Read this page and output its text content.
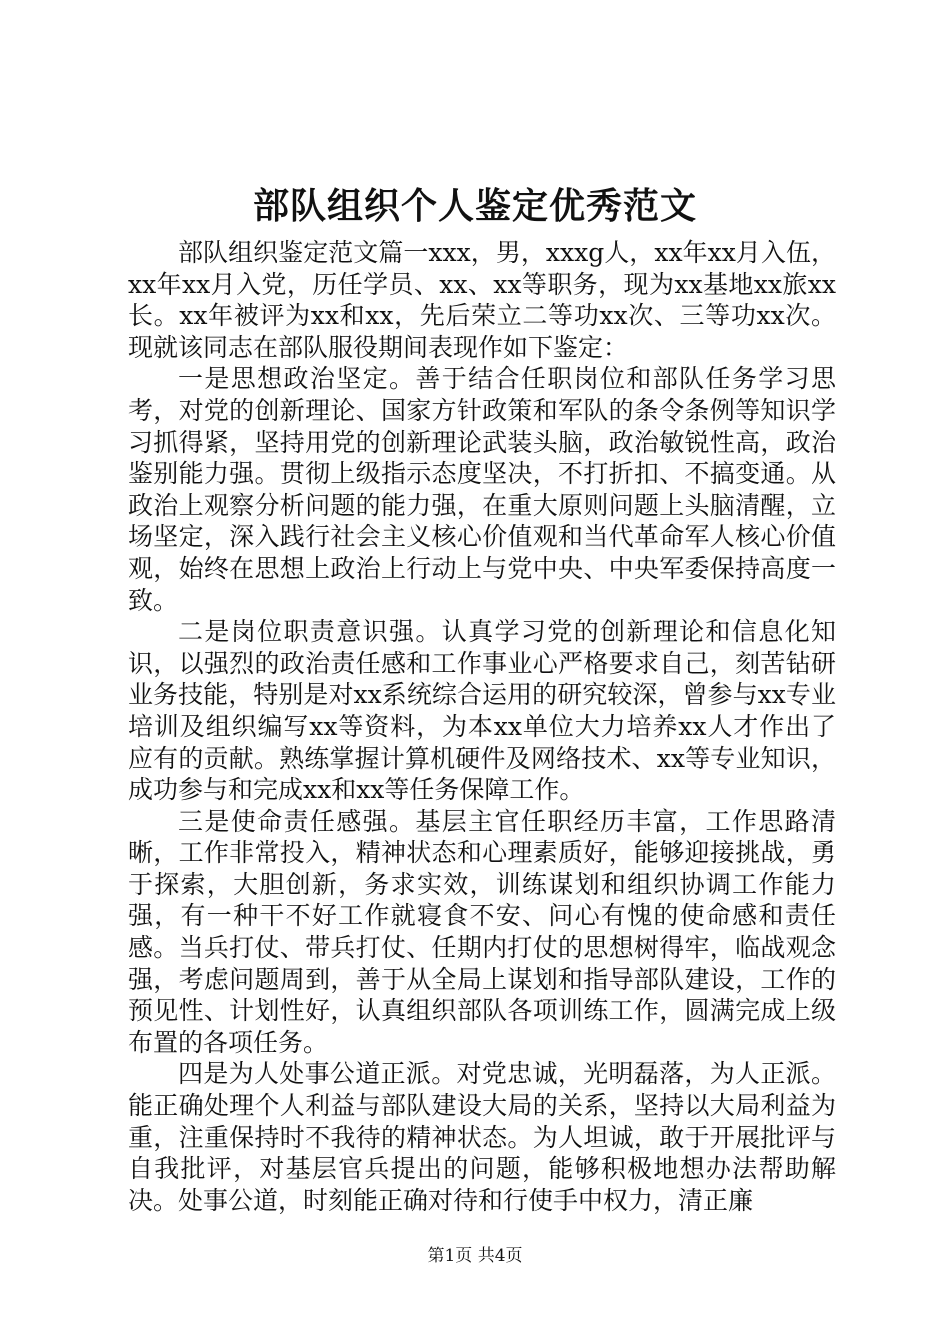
部队组织个人鉴定优秀范文

部队组织鉴定范文篇一xxx，男，xxxg人，xx年xx月入伍，xx年xx月入党，历任学员、xx、xx等职务，现为xx基地xx旅xx长。xx年被评为xx和xx，先后荣立二等功xx次、三等功xx次。现就该同志在部队服役期间表现作如下鉴定：

一是思想政治坚定。善于结合任职岗位和部队任务学习思考，对党的创新理论、国家方针政策和军队的条令条例等知识学习抓得紧，坚持用党的创新理论武装头脑，政治敏锐性高，政治鉴别能力强。贯彻上级指示态度坚决，不打折扣、不搞变通。从政治上观察分析问题的能力强，在重大原则问题上头脑清醒，立场坚定，深入践行社会主义核心价值观和当代革命军人核心价值观，始终在思想上政治上行动上与党中央、中央军委保持高度一致。

二是岗位职责意识强。认真学习党的创新理论和信息化知识，以强烈的政治责任感和工作事业心严格要求自己，刻苦钻研业务技能，特别是对xx系统综合运用的研究较深，曾参与xx专业培训及组织编写xx等资料，为本xx单位大力培养xx人才作出了应有的贡献。熟练掌握计算机硬件及网络技术、xx等专业知识，成功参与和完成xx和xx等任务保障工作。

三是使命责任感强。基层主官任职经历丰富，工作思路清晰，工作非常投入，精神状态和心理素质好，能够迎接挑战，勇于探索，大胆创新，务求实效，训练谋划和组织协调工作能力强，有一种干不好工作就寝食不安、问心有愧的使命感和责任感。当兵打仗、带兵打仗、任期内打仗的思想树得牢，临战观念强，考虑问题周到，善于从全局上谋划和指导部队建设，工作的预见性、计划性好，认真组织部队各项训练工作，圆满完成上级布置的各项任务。

四是为人处事公道正派。对党忠诚，光明磊落，为人正派。能正确处理个人利益与部队建设大局的关系，坚持以大局利益为重，注重保持时不我待的精神状态。为人坦诚，敢于开展批评与自我批评，对基层官兵提出的问题，能够积极地想办法帮助解决。处事公道，时刻能正确对待和行使手中权力，清正廉

第1页 共4页
